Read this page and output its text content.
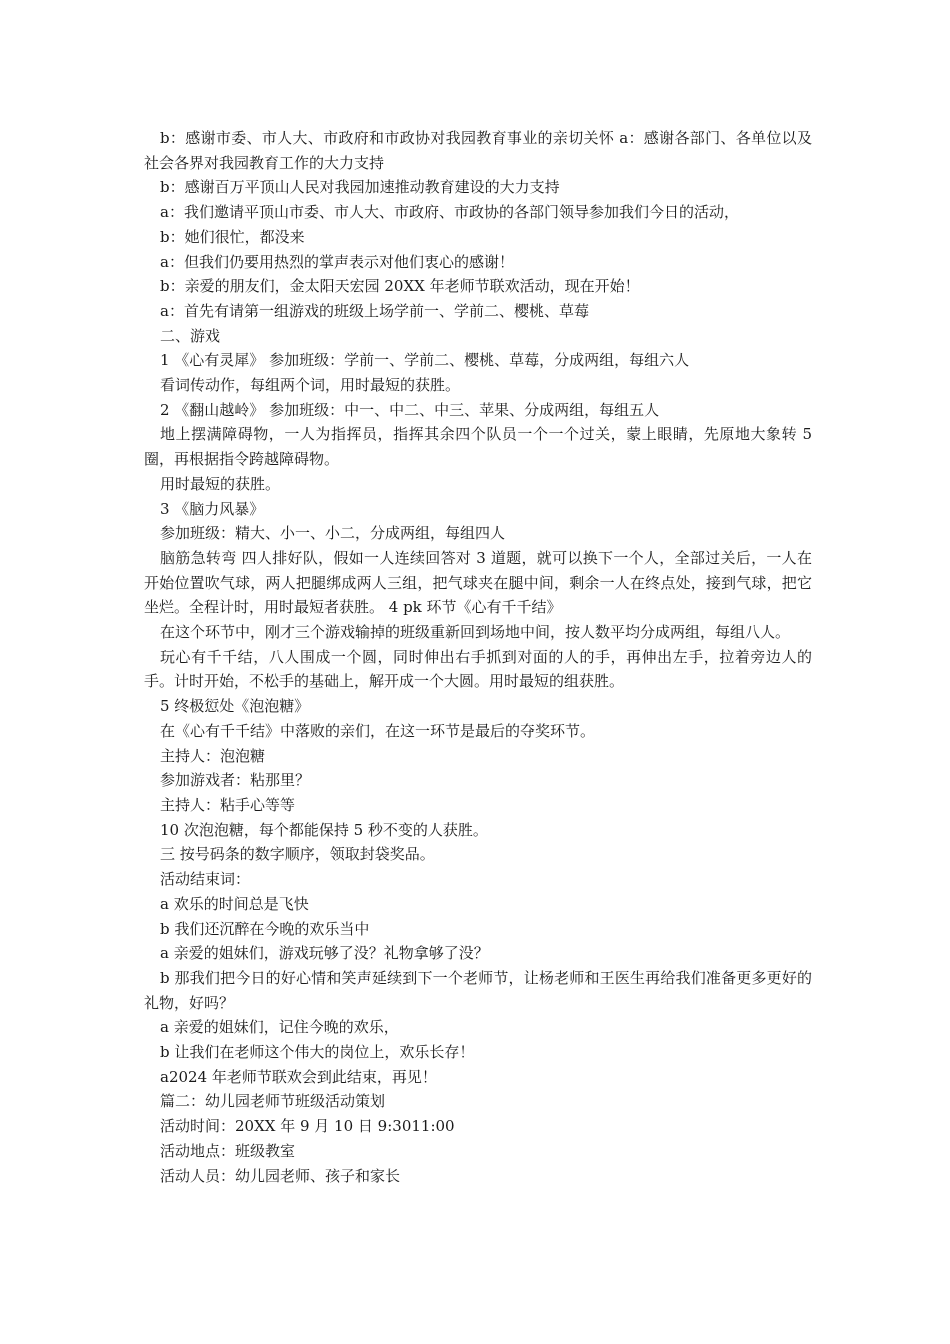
b：感谢市委、市人大、市政府和市政协对我园教育事业的亲切关怀 a：感谢各部门、各单位以及社会各界对我园教育工作的大力支持

b：感谢百万平顶山人民对我园加速推动教育建设的大力支持

a：我们邀请平顶山市委、市人大、市政府、市政协的各部门领导参加我们今日的活动，

b：她们很忙，都没来

a：但我们仍要用热烈的掌声表示对他们衷心的感谢！

b：亲爱的朋友们，金太阳天宏园 20XX 年老师节联欢活动，现在开始！

a：首先有请第一组游戏的班级上场学前一、学前二、樱桃、草莓

二、游戏

1 《心有灵犀》 参加班级：学前一、学前二、樱桃、草莓，分成两组，每组六人

看词传动作，每组两个词，用时最短的获胜。

2 《翻山越岭》 参加班级：中一、中二、中三、苹果、分成两组，每组五人

地上摆满障碍物，一人为指挥员，指挥其余四个队员一个一个过关，蒙上眼睛，先原地大象转 5 圈，再根据指令跨越障碍物。

用时最短的获胜。

3 《脑力风暴》

参加班级：精大、小一、小二，分成两组，每组四人

脑筋急转弯 四人排好队，假如一人连续回答对 3 道题，就可以换下一个人，全部过关后，一人在开始位置吹气球，两人把腿绑成两人三组，把气球夹在腿中间，剩余一人在终点处，接到气球，把它坐烂。全程计时，用时最短者获胜。 4 pk 环节《心有千千结》

在这个环节中，刚才三个游戏输掉的班级重新回到场地中间，按人数平均分成两组，每组八人。

玩心有千千结，八人围成一个圆，同时伸出右手抓到对面的人的手，再伸出左手，拉着旁边人的手。计时开始，不松手的基础上，解开成一个大圆。用时最短的组获胜。

5 终极愆处《泡泡糖》

在《心有千千结》中落败的亲们，在这一环节是最后的夺奖环节。

主持人：泡泡糖

参加游戏者：粘那里？

主持人：粘手心等等

10 次泡泡糖，每个都能保持 5 秒不变的人获胜。

三 按号码条的数字顺序，领取封袋奖品。

活动结束词：

a 欢乐的时间总是飞快

b 我们还沉醉在今晚的欢乐当中

a 亲爱的姐妹们，游戏玩够了没？礼物拿够了没？

b 那我们把今日的好心情和笑声延续到下一个老师节，让杨老师和王医生再给我们准备更多更好的礼物，好吗？

a 亲爱的姐妹们，记住今晚的欢乐，

b 让我们在老师这个伟大的岗位上，欢乐长存！

a2024 年老师节联欢会到此结束，再见！

篇二：幼儿园老师节班级活动策划

活动时间：20XX 年 9 月 10 日 9:3011:00

活动地点：班级教室

活动人员：幼儿园老师、孩子和家长
